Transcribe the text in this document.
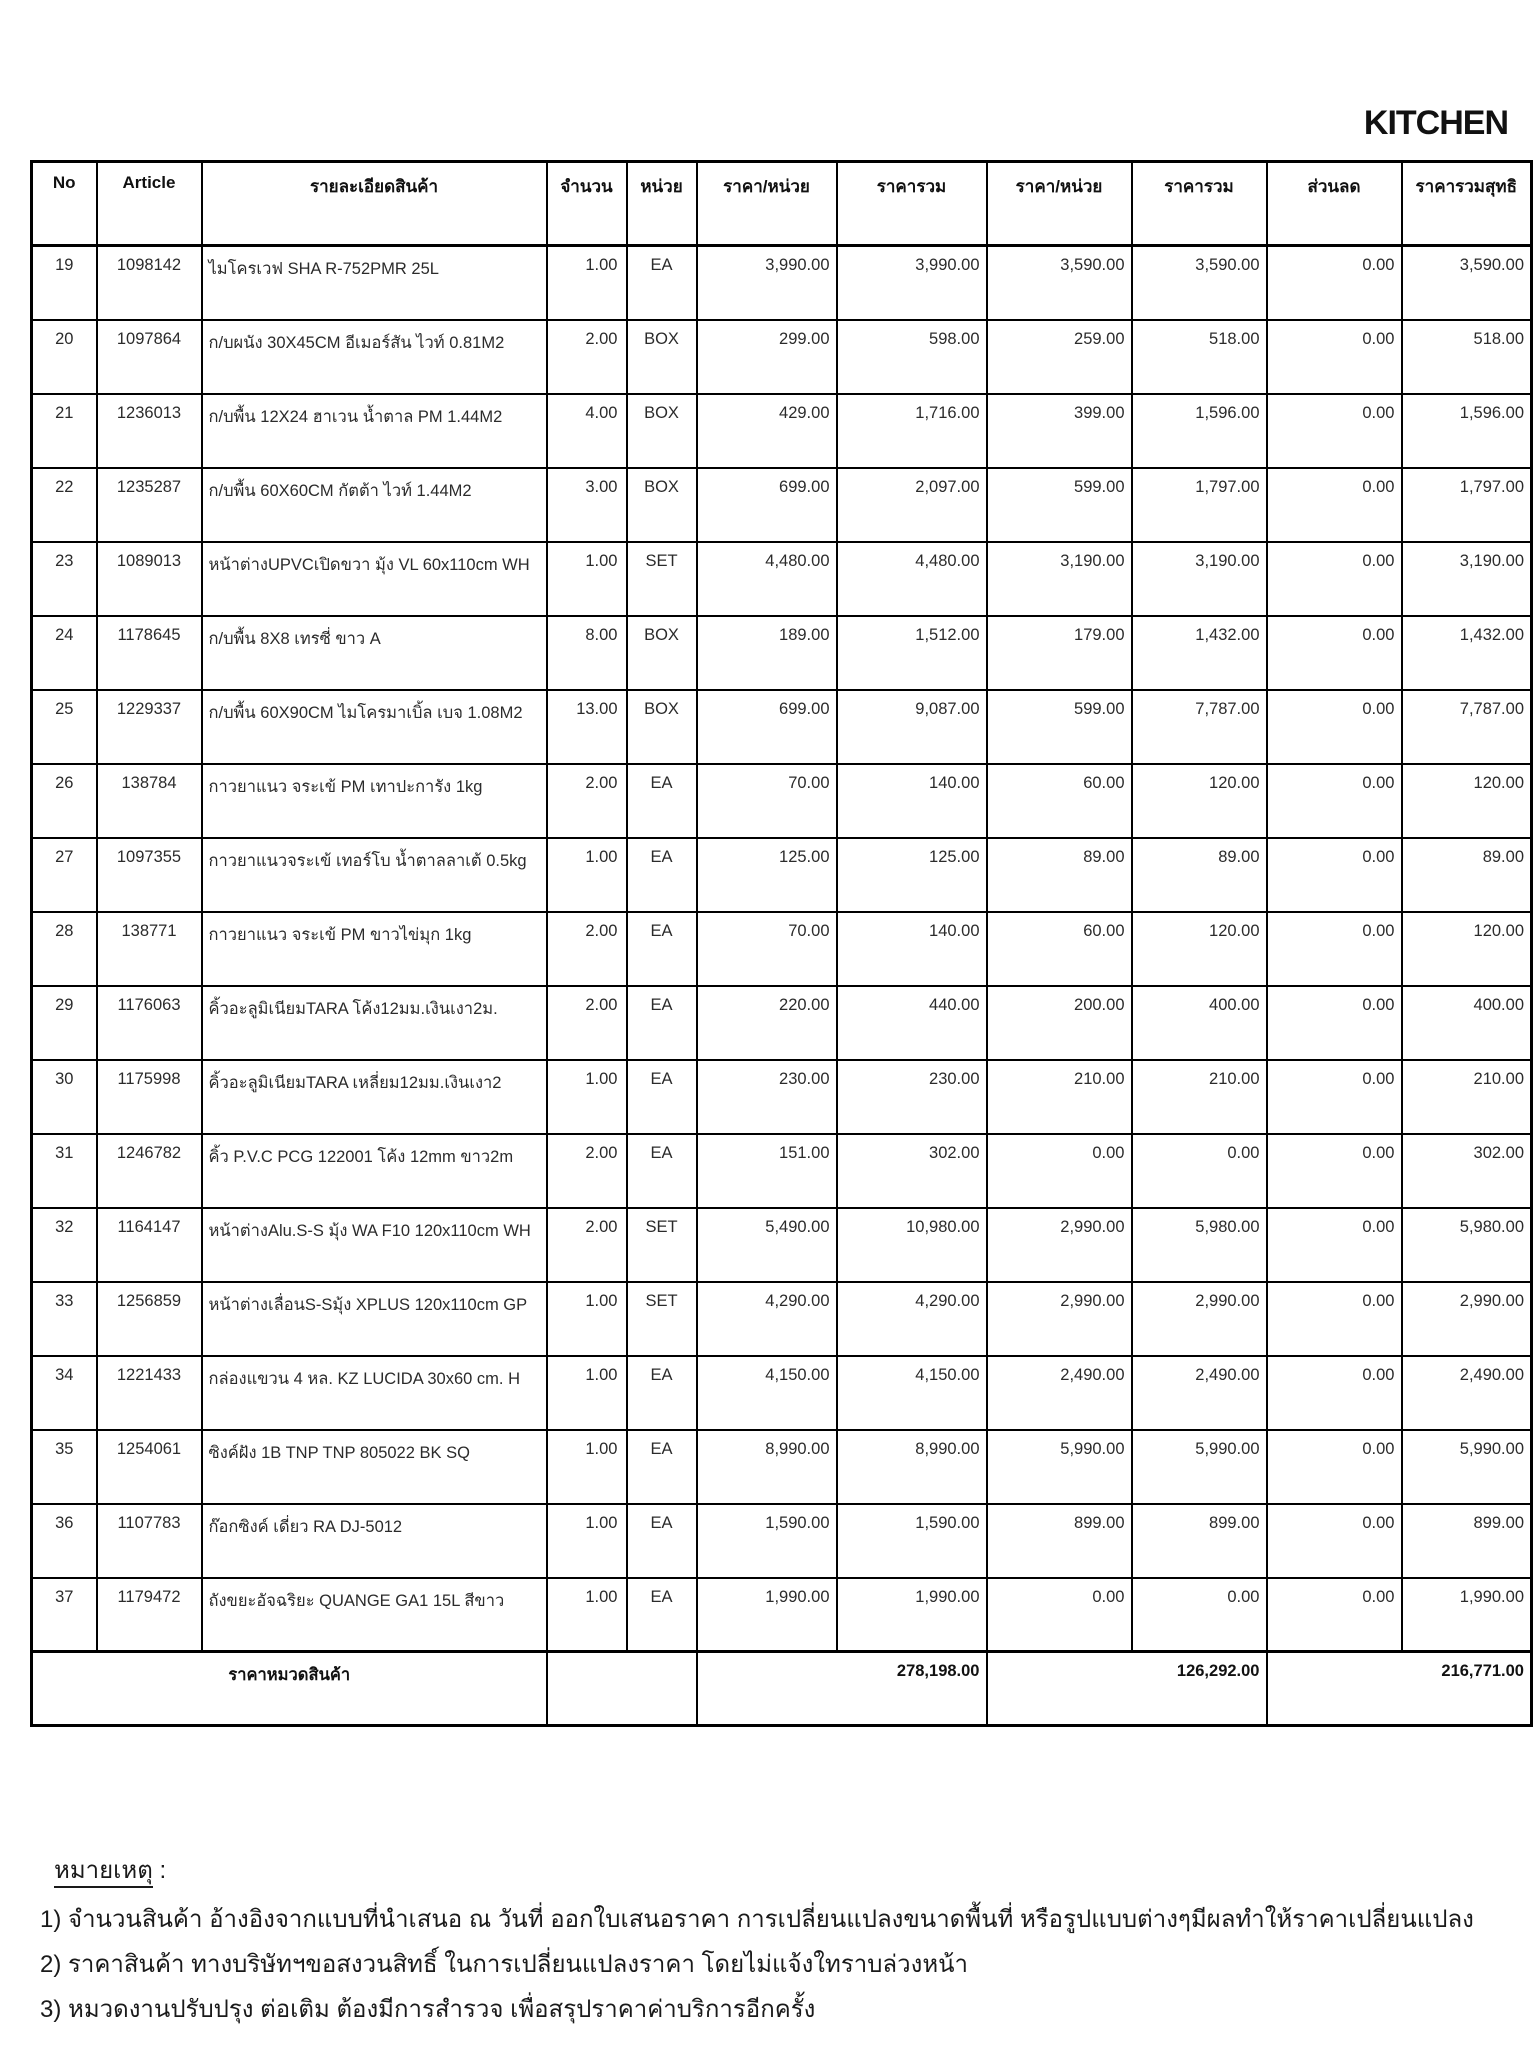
KITCHEN
No	Article	รายละเอียดสินค้า	จำนวน	หน่วย	ราคา/หน่วย	ราคารวม	ราคา/หน่วย	ราคารวม	ส่วนลด	ราคารวมสุทธิ
19	1098142	ไมโครเวฟ SHA R-752PMR 25L	1.00	EA	3,990.00	3,990.00	3,590.00	3,590.00	0.00	3,590.00
20	1097864	ก/บผนัง 30X45CM อีเมอร์สัน ไวท์ 0.81M2	2.00	BOX	299.00	598.00	259.00	518.00	0.00	518.00
21	1236013	ก/บพื้น 12X24 ฮาเวน น้ำตาล PM 1.44M2	4.00	BOX	429.00	1,716.00	399.00	1,596.00	0.00	1,596.00
22	1235287	ก/บพื้น 60X60CM กัตต้า ไวท์ 1.44M2	3.00	BOX	699.00	2,097.00	599.00	1,797.00	0.00	1,797.00
23	1089013	หน้าต่างUPVCเปิดขวา มุ้ง VL 60x110cm WH	1.00	SET	4,480.00	4,480.00	3,190.00	3,190.00	0.00	3,190.00
24	1178645	ก/บพื้น 8X8 เทรซี่ ขาว A	8.00	BOX	189.00	1,512.00	179.00	1,432.00	0.00	1,432.00
25	1229337	ก/บพื้น 60X90CM ไมโครมาเบิ้ล เบจ 1.08M2	13.00	BOX	699.00	9,087.00	599.00	7,787.00	0.00	7,787.00
26	138784	กาวยาแนว จระเข้ PM เทาปะการัง 1kg	2.00	EA	70.00	140.00	60.00	120.00	0.00	120.00
27	1097355	กาวยาแนวจระเข้ เทอร์โบ น้ำตาลลาเต้ 0.5kg	1.00	EA	125.00	125.00	89.00	89.00	0.00	89.00
28	138771	กาวยาแนว จระเข้ PM ขาวไข่มุก 1kg	2.00	EA	70.00	140.00	60.00	120.00	0.00	120.00
29	1176063	คิ้วอะลูมิเนียมTARA โค้ง12มม.เงินเงา2ม.	2.00	EA	220.00	440.00	200.00	400.00	0.00	400.00
30	1175998	คิ้วอะลูมิเนียมTARA เหลี่ยม12มม.เงินเงา2	1.00	EA	230.00	230.00	210.00	210.00	0.00	210.00
31	1246782	คิ้ว P.V.C PCG 122001 โค้ง 12mm ขาว2m	2.00	EA	151.00	302.00	0.00	0.00	0.00	302.00
32	1164147	หน้าต่างAlu.S-S มุ้ง WA F10 120x110cm WH	2.00	SET	5,490.00	10,980.00	2,990.00	5,980.00	0.00	5,980.00
33	1256859	หน้าต่างเลื่อนS-Sมุ้ง XPLUS 120x110cm GP	1.00	SET	4,290.00	4,290.00	2,990.00	2,990.00	0.00	2,990.00
34	1221433	กล่องแขวน 4 หล. KZ LUCIDA 30x60 cm. H	1.00	EA	4,150.00	4,150.00	2,490.00	2,490.00	0.00	2,490.00
35	1254061	ซิงค์ฝัง 1B TNP TNP 805022 BK SQ	1.00	EA	8,990.00	8,990.00	5,990.00	5,990.00	0.00	5,990.00
36	1107783	ก๊อกซิงค์ เดี่ยว RA DJ-5012	1.00	EA	1,590.00	1,590.00	899.00	899.00	0.00	899.00
37	1179472	ถังขยะอัจฉริยะ QUANGE GA1 15L สีขาว	1.00	EA	1,990.00	1,990.00	0.00	0.00	0.00	1,990.00
ราคาหมวดสินค้า					278,198.00		126,292.00		216,771.00	
หมายเหตุ :
1) จำนวนสินค้า อ้างอิงจากแบบที่นำเสนอ ณ วันที่ ออกใบเสนอราคา การเปลี่ยนแปลงขนาดพื้นที่ หรือรูปแบบต่างๆมีผลทำให้ราคาเปลี่ยนแปลง
2) ราคาสินค้า ทางบริษัทฯขอสงวนสิทธิ์ ในการเปลี่ยนแปลงราคา โดยไม่แจ้งใทราบล่วงหน้า
3) หมวดงานปรับปรุง ต่อเติม ต้องมีการสำรวจ เพื่อสรุปราคาค่าบริการอีกครั้ง
